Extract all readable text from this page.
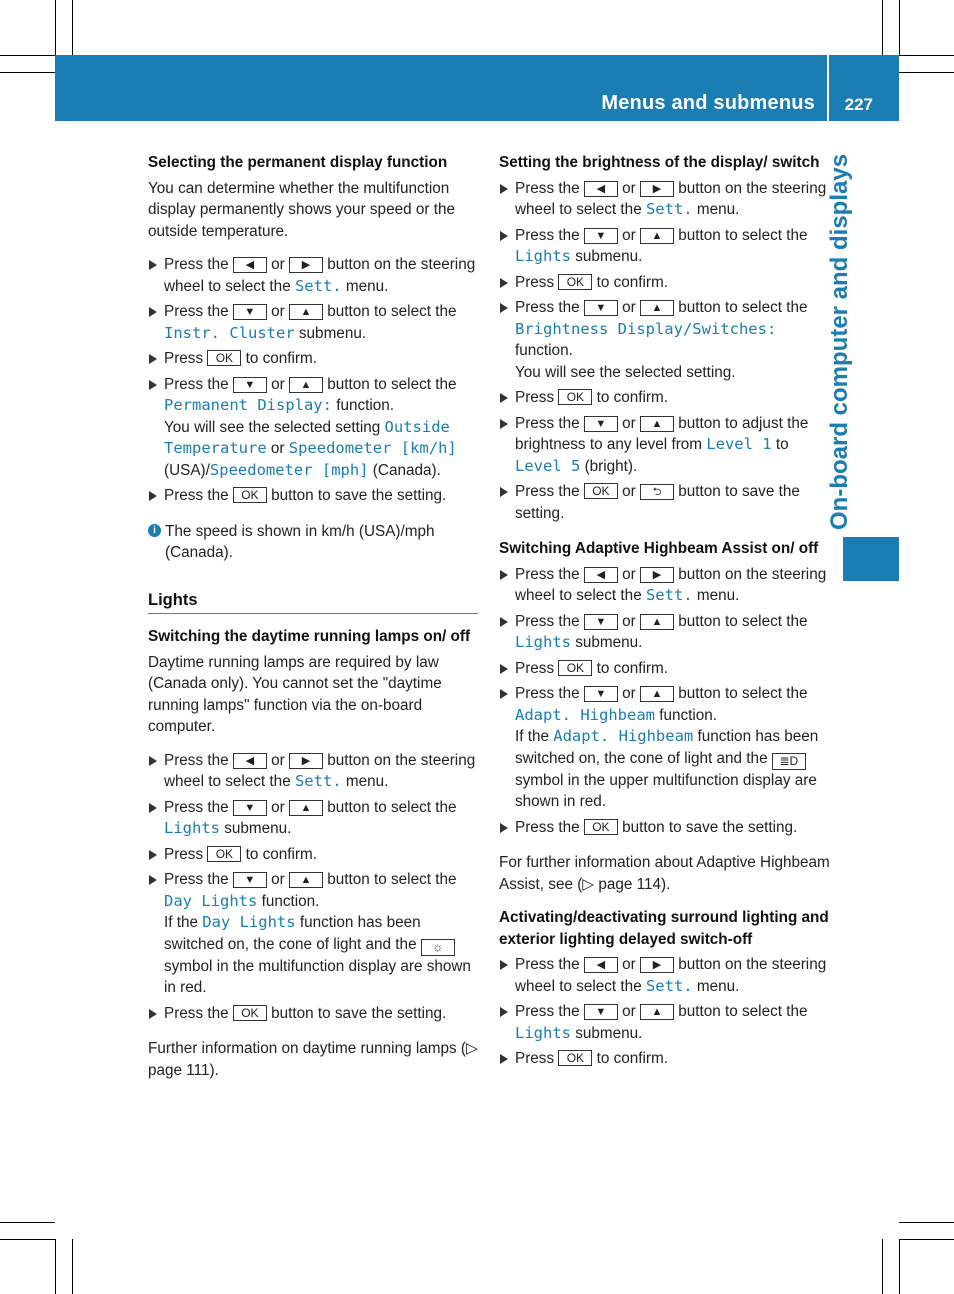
Menus and submenus 227
On-board computer and displays
Selecting the permanent display function

You can determine whether the multifunction display permanently shows your speed or the outside temperature.

Press the ◀ or ▶ button on the steering wheel to select the Sett. menu.
Press the ▼ or ▲ button to select the Instr. Cluster submenu.
Press OK to confirm.
Press the ▼ or ▲ button to select the Permanent Display: function.
You will see the selected setting Outside Temperature or Speedometer [km/h] (USA)/Speedometer [mph] (Canada).
Press the OK button to save the setting.
i The speed is shown in km/h (USA)/mph (Canada).
Lights
Switching the daytime running lamps on/ off

Daytime running lamps are required by law (Canada only). You cannot set the "daytime running lamps" function via the on-board computer.

Press the ◀ or ▶ button on the steering wheel to select the Sett. menu.
Press the ▼ or ▲ button to select the Lights submenu.
Press OK to confirm.
Press the ▼ or ▲ button to select the Day Lights function.
If the Day Lights function has been switched on, the cone of light and the ☼ symbol in the multifunction display are shown in red.
Press the OK button to save the setting.

Further information on daytime running lamps (▷ page 111).

Setting the brightness of the display/ switch
Press the ◀ or ▶ button on the steering wheel to select the Sett. menu.
Press the ▼ or ▲ button to select the Lights submenu.
Press OK to confirm.
Press the ▼ or ▲ button to select the Brightness Display/Switches:
function.
You will see the selected setting.
Press OK to confirm.
Press the ▼ or ▲ button to adjust the brightness to any level from Level 1 to Level 5 (bright).
Press the OK or ⮌ button to save the setting.
Switching Adaptive Highbeam Assist on/ off
Press the ◀ or ▶ button on the steering wheel to select the Sett. menu.
Press the ▼ or ▲ button to select the Lights submenu.
Press OK to confirm.
Press the ▼ or ▲ button to select the Adapt. Highbeam function.
If the Adapt. Highbeam function has been switched on, the cone of light and the ≣D symbol in the upper multifunction display are shown in red.
Press the OK button to save the setting.

For further information about Adaptive Highbeam Assist, see (▷ page 114).

Activating/deactivating surround lighting and exterior lighting delayed switch-off
Press the ◀ or ▶ button on the steering wheel to select the Sett. menu.
Press the ▼ or ▲ button to select the Lights submenu.
Press OK to confirm.
